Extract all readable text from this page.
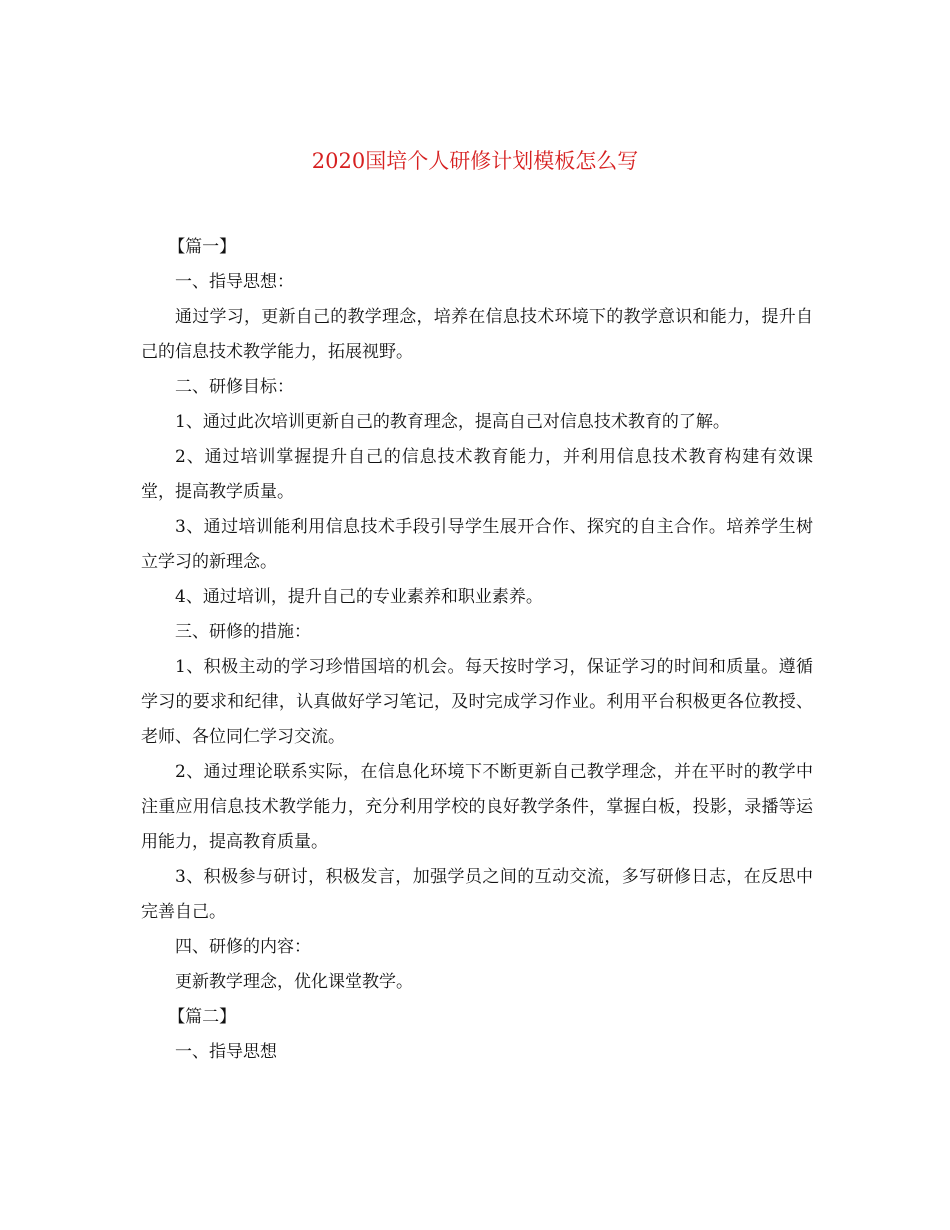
2020国培个人研修计划模板怎么写

【篇一】

一、指导思想：

通过学习，更新自己的教学理念，培养在信息技术环境下的教学意识和能力，提升自己的信息技术教学能力，拓展视野。

二、研修目标：

1、通过此次培训更新自己的教育理念，提高自己对信息技术教育的了解。

2、通过培训掌握提升自己的信息技术教育能力，并利用信息技术教育构建有效课堂，提高教学质量。

3、通过培训能利用信息技术手段引导学生展开合作、探究的自主合作。培养学生树立学习的新理念。

4、通过培训，提升自己的专业素养和职业素养。

三、研修的措施：

1、积极主动的学习珍惜国培的机会。每天按时学习，保证学习的时间和质量。遵循学习的要求和纪律，认真做好学习笔记，及时完成学习作业。利用平台积极更各位教授、老师、各位同仁学习交流。

2、通过理论联系实际，在信息化环境下不断更新自己教学理念，并在平时的教学中注重应用信息技术教学能力，充分利用学校的良好教学条件，掌握白板，投影，录播等运用能力，提高教育质量。

3、积极参与研讨，积极发言，加强学员之间的互动交流，多写研修日志，在反思中完善自己。

四、研修的内容：

更新教学理念，优化课堂教学。

【篇二】

一、指导思想
